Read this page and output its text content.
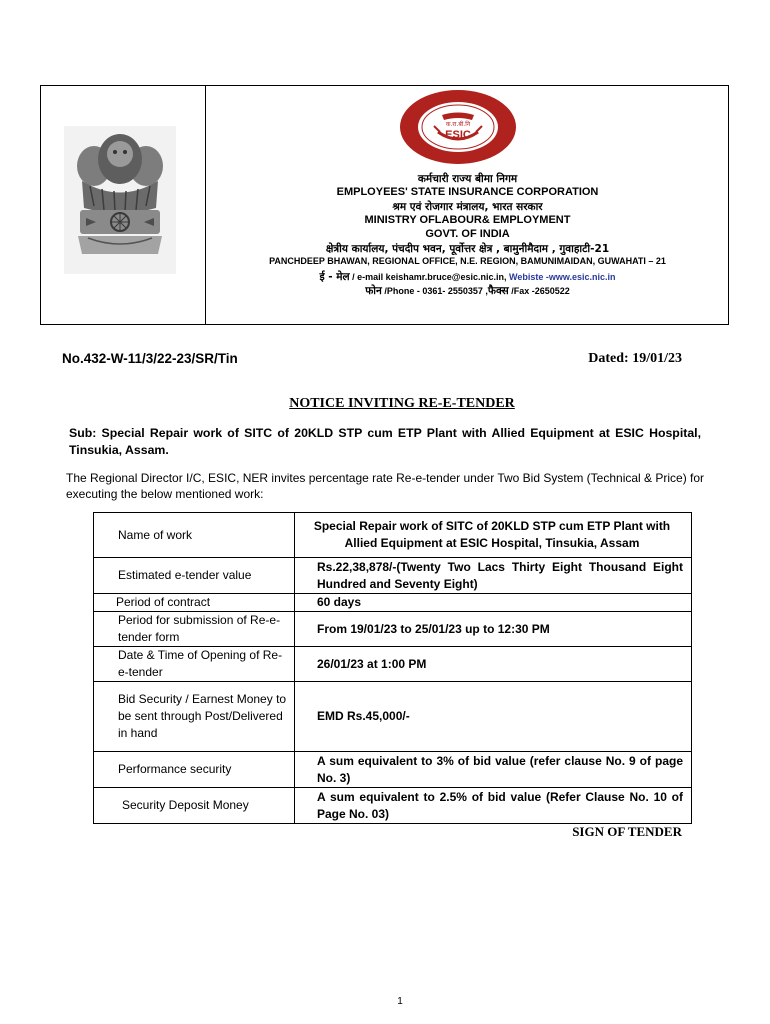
क.रा.बी.नि
ESIC
कर्मचारी राज्य बीमा निगम
EMPLOYEES' STATE INSURANCE CORPORATION
श्रम एवं रोजगार मंत्रालय, भारत सरकार
MINISTRY OFLABOUR& EMPLOYMENT
GOVT. OF INDIA
क्षेत्रीय कार्यालय, पंचदीप भवन, पूर्वोत्तर क्षेत्र , बामुनीमैदाम , गुवाहाटी-21
PANCHDEEP BHAWAN, REGIONAL OFFICE, N.E. REGION, BAMUNIMAIDAN, GUWAHATI – 21
ई - मेल / e-mail keishamr.bruce@esic.nic.in, Webiste -www.esic.nic.in
फोन /Phone - 0361- 2550357 ,फैक्स /Fax -2650522
No.432-W-11/3/22-23/SR/Tin	Dated: 19/01/23
NOTICE INVITING RE-E-TENDER
Sub: Special Repair work of SITC of 20KLD STP cum ETP Plant with Allied Equipment at ESIC Hospital, Tinsukia, Assam.
The Regional Director I/C, ESIC, NER invites percentage rate Re-e-tender under Two Bid System (Technical & Price) for executing the below mentioned work:
Name of work	Special Repair work of SITC of 20KLD STP cum ETP Plant with Allied Equipment at ESIC Hospital, Tinsukia, Assam
Estimated e-tender value	Rs.22,38,878/-(Twenty Two Lacs Thirty Eight Thousand Eight Hundred and Seventy Eight)
Period of contract	60 days
Period for submission of Re-e-tender form	From 19/01/23 to 25/01/23 up to 12:30 PM
Date & Time of Opening of Re-e-tender	26/01/23 at 1:00 PM
Bid Security / Earnest Money to be sent through Post/Delivered in hand	EMD Rs.45,000/-
Performance security	A sum equivalent to 3% of bid value (refer clause No. 9 of page No. 3)
Security Deposit Money	A sum equivalent to 2.5% of bid value (Refer Clause No. 10 of Page No. 03)
SIGN OF TENDER
1
